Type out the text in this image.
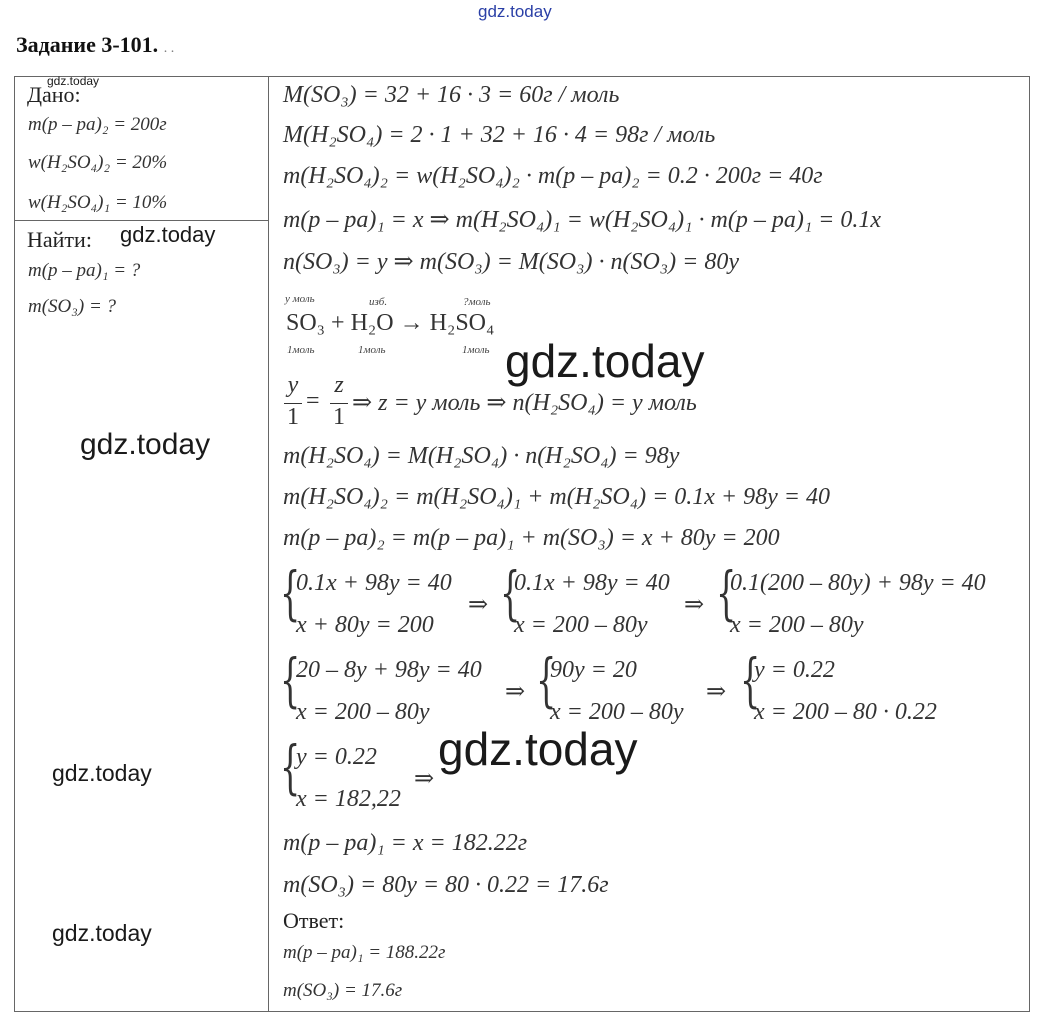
gdz.today
Задание 3-101. . .
gdz.today
Дано:
m(p – pa)₂ = 200г
w(H₂SO₄)₂ = 20%
w(H₂SO₄)₁ = 10%
Найти: gdz.today
m(p – pa)₁ = ?
m(SO₃) = ?
gdz.today
gdz.today
gdz.today
M(SO₃) = 32 + 16 · 3 = 60г / моль
M(H₂SO₄) = 2 · 1 + 32 + 16 · 4 = 98г / моль
m(H₂SO₄)₂ = w(H₂SO₄)₂ · m(p – pa)₂ = 0.2 · 200г = 40г
m(p – pa)₁ = x ⇒ m(H₂SO₄)₁ = w(H₂SO₄)₁ · m(p – pa)₁ = 0.1x
n(SO₃) = y ⇒ m(SO₃) = M(SO₃) · n(SO₃) = 80y
y моль	изб.	?моль
SO₃ + H₂O → H₂SO₄
1моль	1моль	1моль gdz.today
y
1
=
z
1
⇒ z = y моль ⇒ n(H₂SO₄) = y моль
m(H₂SO₄) = M(H₂SO₄) · n(H₂SO₄) = 98y
m(H₂SO₄)₂ = m(H₂SO₄)₁ + m(H₂SO₄) = 0.1x + 98y = 40
m(p – pa)₂ = m(p – pa)₁ + m(SO₃) = x + 80y = 200
{
0.1x + 98y = 40
x + 80y = 200
⇒ {
0.1x + 98y = 40
x = 200 – 80y
⇒ {
0.1(200 – 80y) + 98y = 40
x = 200 – 80y
{
20 – 8y + 98y = 40
x = 200 – 80y
⇒ {
90y = 20
x = 200 – 80y
⇒ {
y = 0.22
x = 200 – 80 · 0.22
{
y = 0.22
x = 182,22
⇒
gdz.today
m(p – pa)₁ = x = 182.22г
m(SO₃) = 80y = 80 · 0.22 = 17.6г
Ответ:
m(p – pa)₁ = 188.22г
m(SO₃) = 17.6г
